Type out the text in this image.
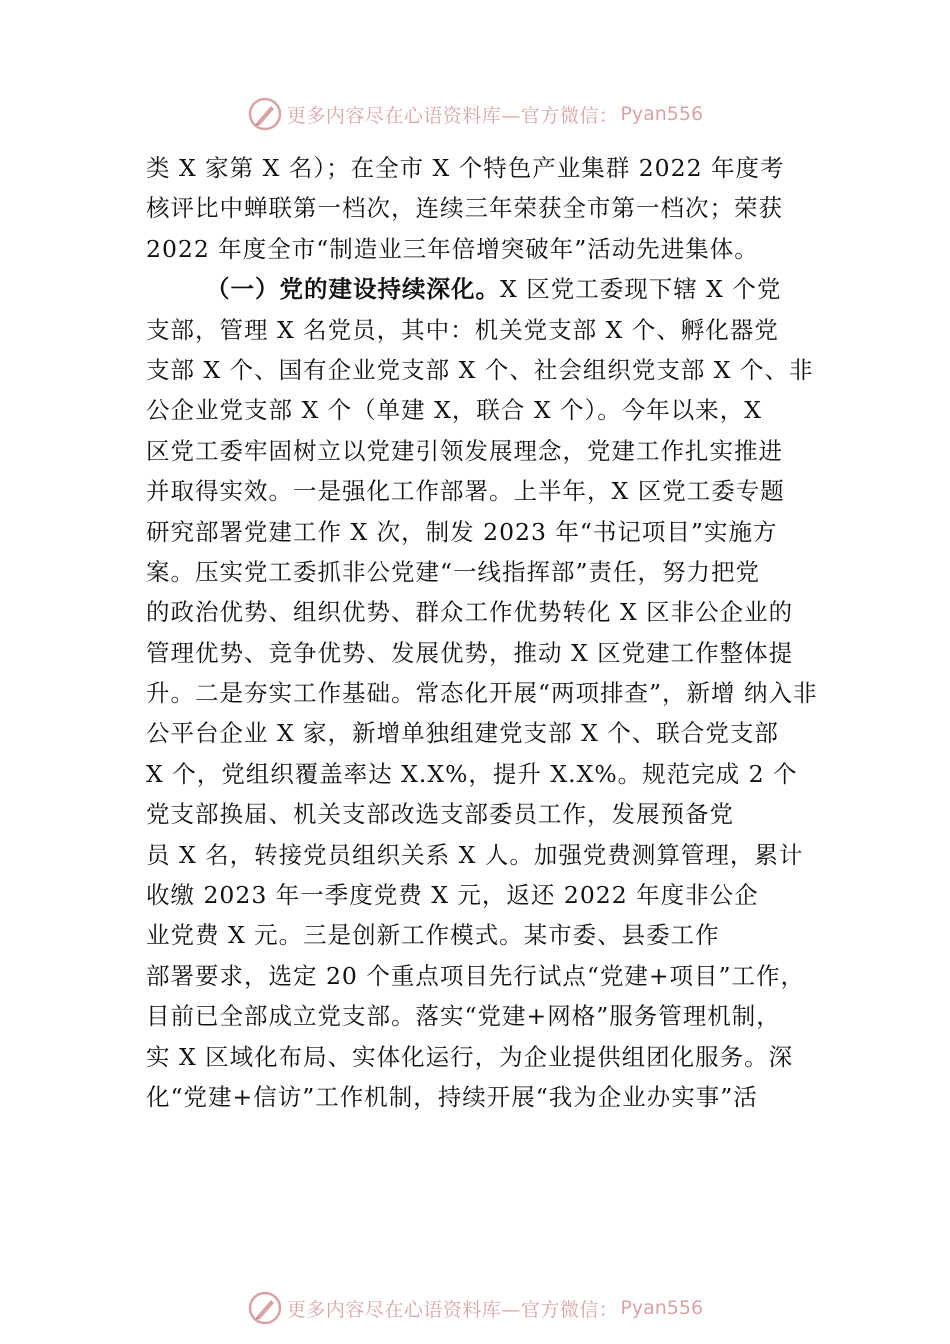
更多内容尽在心语资料库—官方微信： Pyan556
类 X 家第 X 名）；在全市 X 个特色产业集群 2022 年度考
核评比中蝉联第一档次，连续三年荣获全市第一档次；荣获
2022 年度全市“制造业三年倍增突破年”活动先进集体。
（一）党的建设持续深化。X 区党工委现下辖 X 个党
支部，管理 X 名党员，其中：机关党支部 X 个、孵化器党
支部 X 个、国有企业党支部 X 个、社会组织党支部 X 个、非
公企业党支部 X 个（单建 X，联合 X 个）。今年以来，X
区党工委牢固树立以党建引领发展理念，党建工作扎实推进
并取得实效。一是强化工作部署。上半年，X 区党工委专题
研究部署党建工作 X 次，制发 2023 年“书记项目”实施方
案。压实党工委抓非公党建“一线指挥部”责任，努力把党
的政治优势、组织优势、群众工作优势转化 X 区非公企业的
管理优势、竞争优势、发展优势，推动 X 区党建工作整体提
升。二是夯实工作基础。常态化开展“两项排查”，新增 纳入非
公平台企业 X 家，新增单独组建党支部 X 个、联合党支部
X 个，党组织覆盖率达 X.X%，提升 X.X%。规范完成 2 个
党支部换届、机关支部改选支部委员工作，发展预备党
员 X 名，转接党员组织关系 X 人。加强党费测算管理，累计
收缴 2023 年一季度党费 X 元，返还 2022 年度非公企
业党费 X 元。三是创新工作模式。某市委、县委工作
部署要求，选定 20 个重点项目先行试点“党建+项目”工作，
目前已全部成立党支部。落实“党建+网格”服务管理机制，
实 X 区域化布局、实体化运行，为企业提供组团化服务。深
化“党建+信访”工作机制，持续开展“我为企业办实事”活
更多内容尽在心语资料库—官方微信： Pyan556
